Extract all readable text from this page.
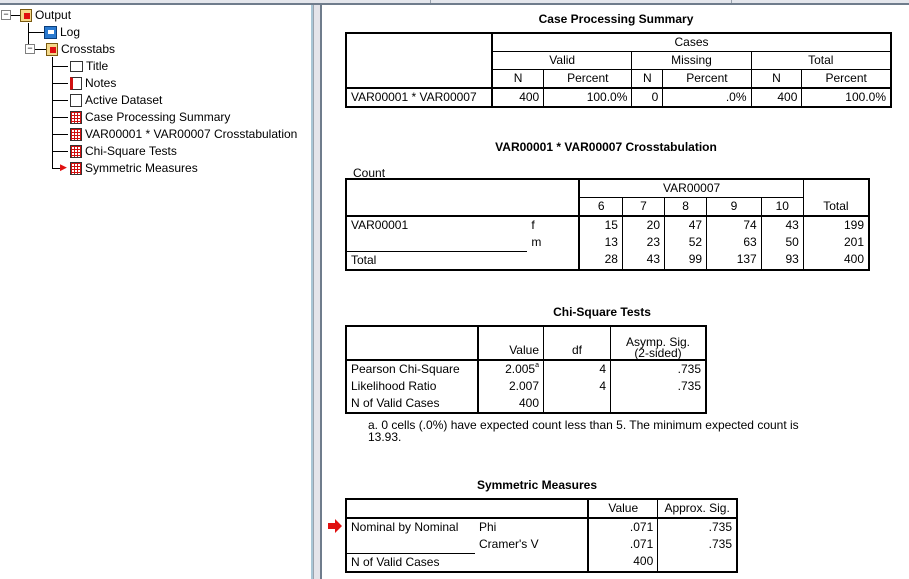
−
−
Output
Log
Crosstabs
Title
Notes
Active Dataset
Case Processing Summary
VAR00001 * VAR00007 Crosstabulation
Chi-Square Tests
▶ Symmetric Measures
Case Processing Summary
	Cases					
	Valid		Missing		Total	
	N	Percent	N	Percent	N	Percent
VAR00001 * VAR00007	400	100.0%	0	.0%	400	100.0%
VAR00001 * VAR00007 Crosstabulation
Count
		VAR00007					Total
		6	7	8	9	10	
VAR00001	f	15	20	47	74	43	199
	m	13	23	52	63	50	201
Total		28	43	99	137	93	400
Chi-Square Tests
	Value	df	Asymp. Sig.
(2-sided)

Pearson Chi-Square	2.005$^a$	4	.735
Likelihood Ratio	2.007	4	.735
N of Valid Cases	400		
a. 0 cells (.0%) have expected count less than 5. The minimum expected count is
13.93.
Symmetric Measures
		Value	Approx. Sig.
Nominal by Nominal	Phi	.071	.735
	Cramer's V	.071	.735
N of Valid Cases		400	
